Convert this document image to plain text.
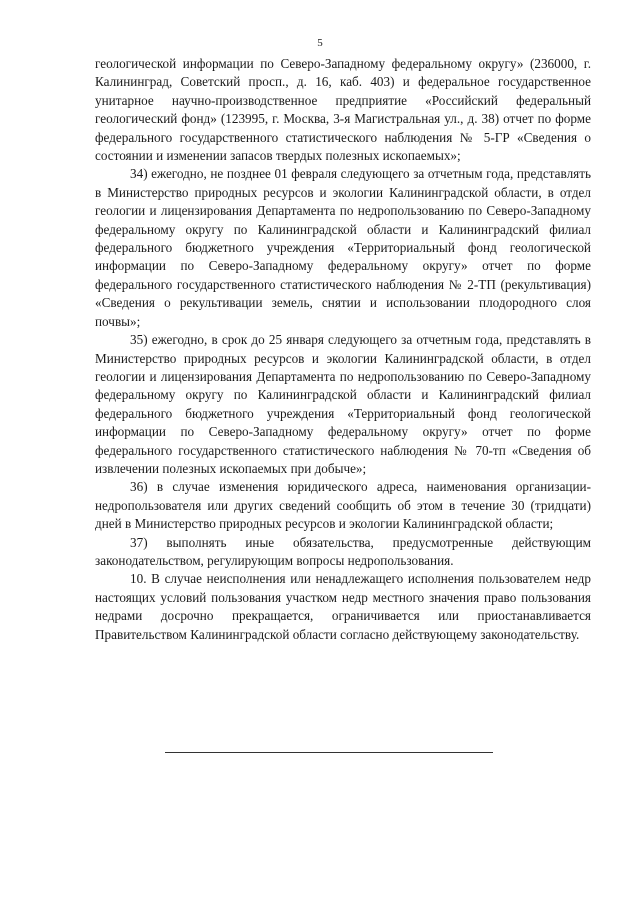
5

геологической информации по Северо-Западному федеральному округу» (236000, г. Калининград, Советский просп., д. 16, каб. 403) и федеральное государственное унитарное научно-производственное предприятие «Российский федеральный геологический фонд» (123995, г. Москва, 3-я Магистральная ул., д. 38) отчет по форме федерального государственного статистического наблюдения № 5-ГР «Сведения о состоянии и изменении запасов твердых полезных ископаемых»;

34) ежегодно, не позднее 01 февраля следующего за отчетным года, представлять в Министерство природных ресурсов и экологии Калининградской области, в отдел геологии и лицензирования Департамента по недропользованию по Северо-Западному федеральному округу по Калининградской области и Калининградский филиал федерального бюджетного учреждения «Территориальный фонд геологической информации по Северо-Западному федеральному округу» отчет по форме федерального государственного статистического наблюдения № 2-ТП (рекультивация) «Сведения о рекультивации земель, снятии и использовании плодородного слоя почвы»;

35) ежегодно, в срок до 25 января следующего за отчетным года, представлять в Министерство природных ресурсов и экологии Калининградской области, в отдел геологии и лицензирования Департамента по недропользованию по Северо-Западному федеральному округу по Калининградской области и Калининградский филиал федерального бюджетного учреждения «Территориальный фонд геологической информации по Северо-Западному федеральному округу» отчет по форме федерального государственного статистического наблюдения № 70-тп «Сведения об извлечении полезных ископаемых при добыче»;

36) в случае изменения юридического адреса, наименования организации-недропользователя или других сведений сообщить об этом в течение 30 (тридцати) дней в Министерство природных ресурсов и экологии Калининградской области;

37) выполнять иные обязательства, предусмотренные действующим законодательством, регулирующим вопросы недропользования.

10. В случае неисполнения или ненадлежащего исполнения пользователем недр настоящих условий пользования участком недр местного значения право пользования недрами досрочно прекращается, ограничивается или приостанавливается Правительством Калининградской области согласно действующему законодательству.
